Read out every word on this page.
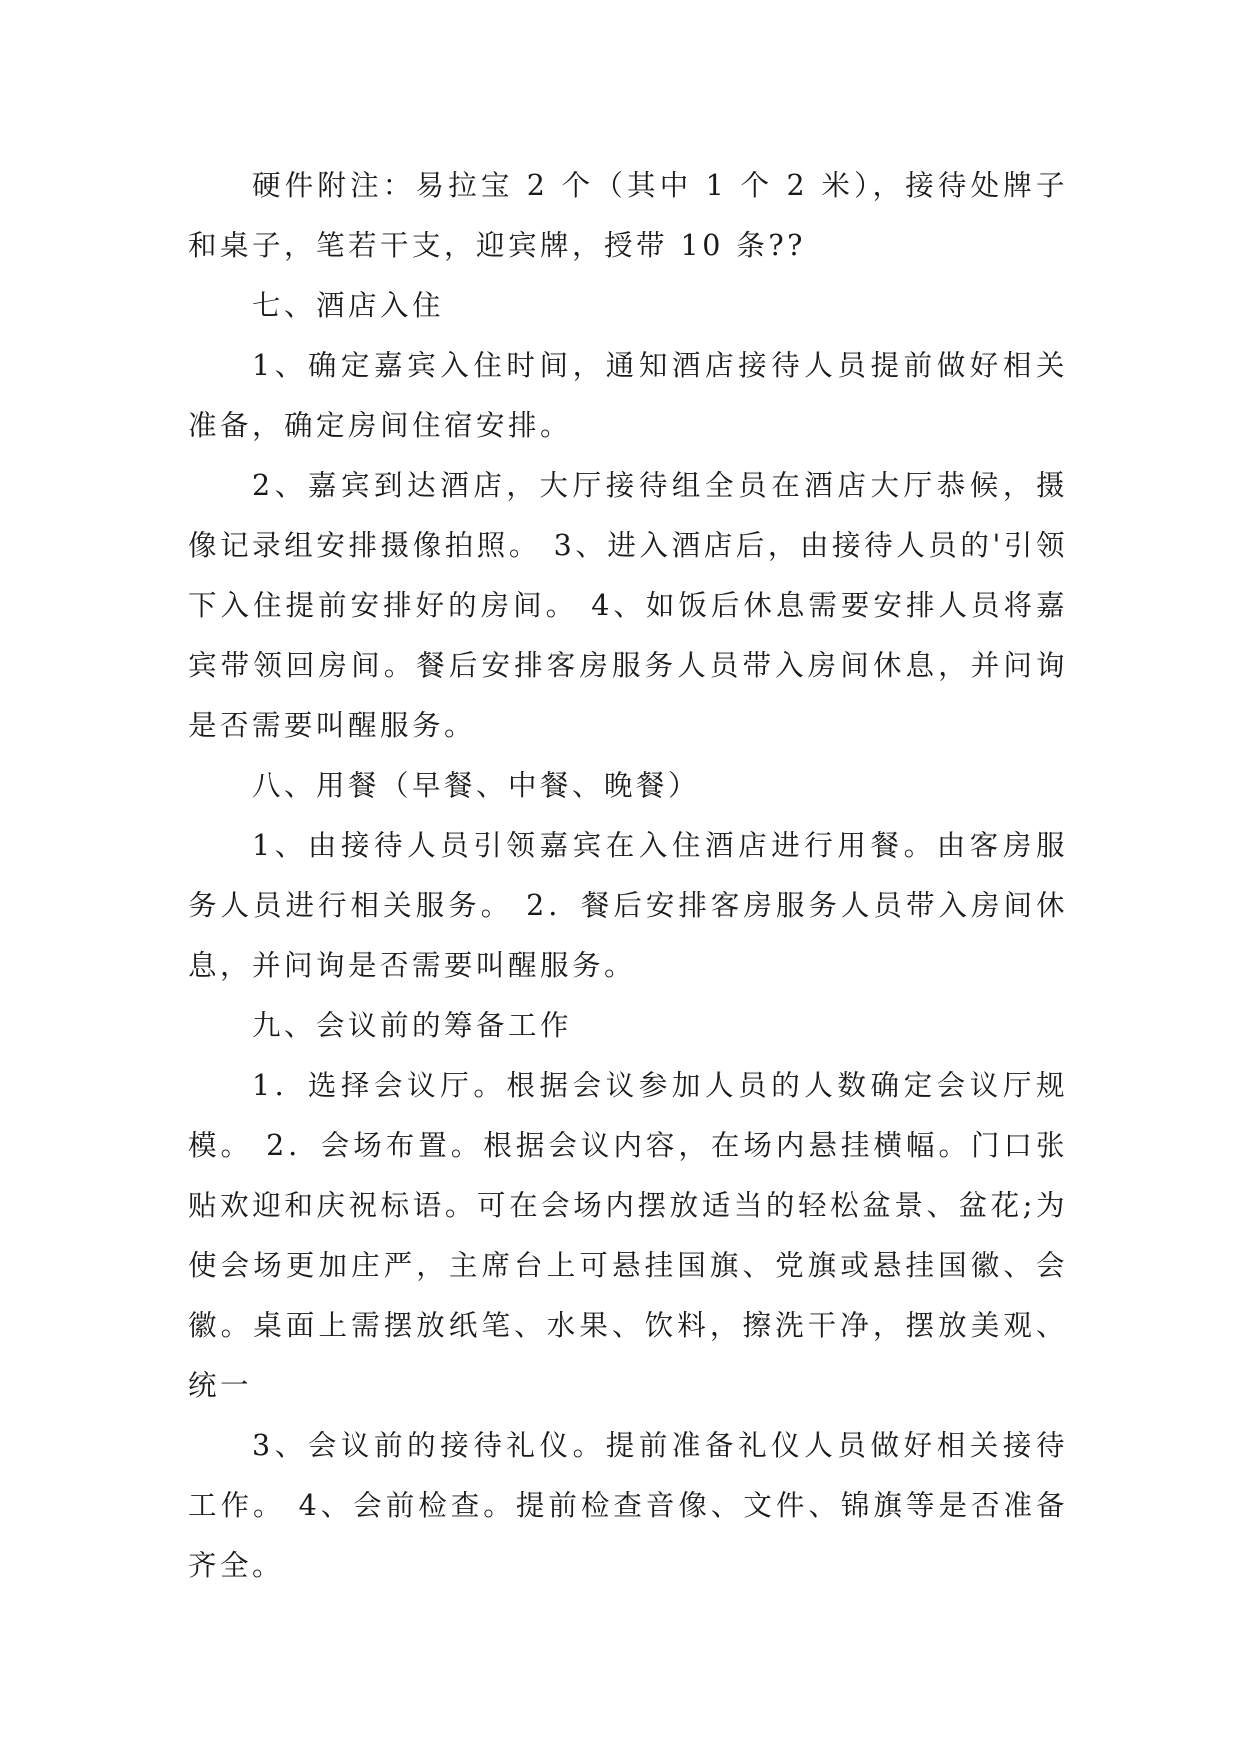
硬件附注：易拉宝 2 个（其中 1 个 2 米），接待处牌子和桌子，笔若干支，迎宾牌，授带 10 条??

七、酒店入住

1、确定嘉宾入住时间，通知酒店接待人员提前做好相关准备，确定房间住宿安排。

2、嘉宾到达酒店，大厅接待组全员在酒店大厅恭候，摄像记录组安排摄像拍照。 3、进入酒店后，由接待人员的'引领下入住提前安排好的房间。 4、如饭后休息需要安排人员将嘉宾带领回房间。餐后安排客房服务人员带入房间休息，并问询是否需要叫醒服务。

八、用餐（早餐、中餐、晚餐）

1、由接待人员引领嘉宾在入住酒店进行用餐。由客房服务人员进行相关服务。 2．餐后安排客房服务人员带入房间休息，并问询是否需要叫醒服务。

九、会议前的筹备工作

1．选择会议厅。根据会议参加人员的人数确定会议厅规模。 2．会场布置。根据会议内容，在场内悬挂横幅。门口张贴欢迎和庆祝标语。可在会场内摆放适当的轻松盆景、盆花;为使会场更加庄严，主席台上可悬挂国旗、党旗或悬挂国徽、会徽。桌面上需摆放纸笔、水果、饮料，擦洗干净，摆放美观、统一

3、会议前的接待礼仪。提前准备礼仪人员做好相关接待工作。 4、会前检查。提前检查音像、文件、锦旗等是否准备齐全。
